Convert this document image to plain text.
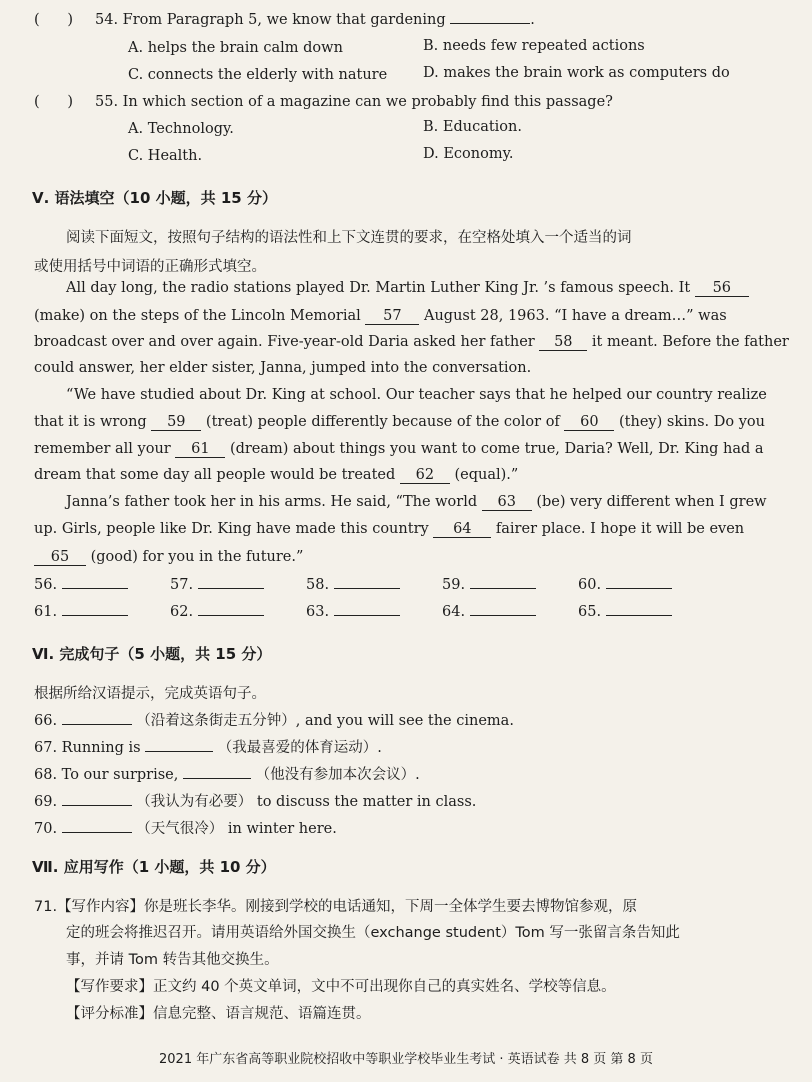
( ) 54. From Paragraph 5, we know that gardening	.
A. helps the brain calm down	B. needs few repeated actions
C. connects the elderly with nature D. makes the brain work as computers do
( ) 55. In which section of a magazine can we probably find this passage?
A. Technology.	B. Education.
C. Health.	D. Economy.
Ⅴ. 语法填空（10 小题，共 15 分）
阅读下面短文，按照句子结构的语法性和上下文连贯的要求，在空格处填入一个适当的词
或使用括号中词语的正确形式填空。
All day long, the radio stations played Dr. Martin Luther King Jr. ’s famous speech. It 56
(make) on the steps of the Lincoln Memorial 57 August 28, 1963. “I have a dream…” was
broadcast over and over again. Five-year-old Daria asked her father 58 it meant. Before the father
could answer, her elder sister, Janna, jumped into the conversation.
“We have studied about Dr. King at school. Our teacher says that he helped our country realize
that it is wrong 59 (treat) people differently because of the color of 60 (they) skins. Do you
remember all your 61 (dream) about things you want to come true, Daria? Well, Dr. King had a
dream that some day all people would be treated 62 (equal).”
Janna’s father took her in his arms. He said, “The world 63 (be) very different when I grew
up. Girls, people like Dr. King have made this country 64 fairer place. I hope it will be even
65 (good) for you in the future.”
56.	57.	58.	59.	60.
61.	62.	63.	64.	65.
Ⅵ. 完成句子（5 小题，共 15 分）
根据所给汉语提示，完成英语句子。
66.	（沿着这条街走五分钟）, and you will see the cinema.
67. Running is	（我最喜爱的体育运动）.
68. To our surprise,	（他没有参加本次会议）.
69.	（我认为有必要） to discuss the matter in class.
70.	（天气很冷） in winter here.
Ⅶ. 应用写作（1 小题，共 10 分）
71.【写作内容】你是班长李华。刚接到学校的电话通知，下周一全体学生要去博物馆参观，原
定的班会将推迟召开。请用英语给外国交换生（exchange student）Tom 写一张留言条告知此
事，并请 Tom 转告其他交换生。
【写作要求】正文约 40 个英文单词，文中不可出现你自己的真实姓名、学校等信息。
【评分标准】信息完整、语言规范、语篇连贯。
2021 年广东省高等职业院校招收中等职业学校毕业生考试 · 英语试卷 共 8 页 第 8 页
